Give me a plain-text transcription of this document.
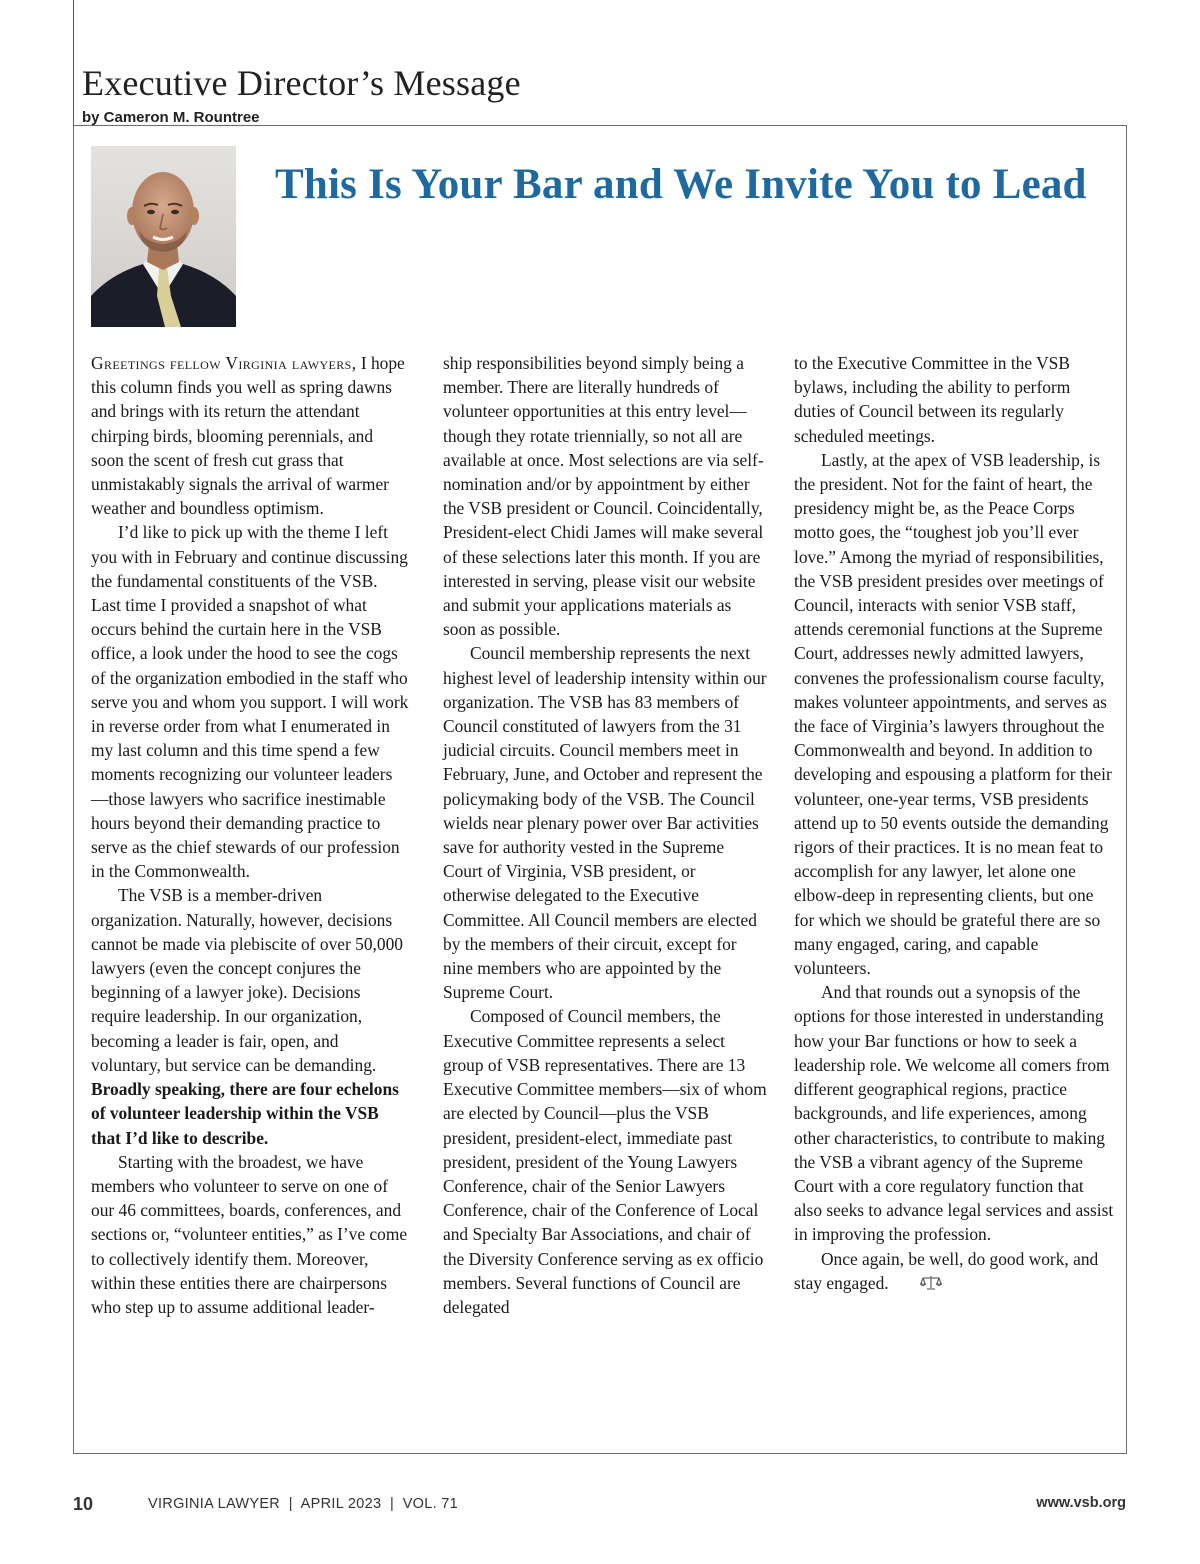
Executive Director’s Message
by Cameron M. Rountree
This Is Your Bar and We Invite You to Lead

Greetings fellow Virginia lawyers, I hope this column finds you well as spring dawns and brings with its return the attendant chirping birds, blooming perennials, and soon the scent of fresh cut grass that unmistakably signals the arrival of warmer weather and boundless optimism.

I’d like to pick up with the theme I left you with in February and continue discussing the fundamental constituents of the VSB. Last time I provided a snapshot of what occurs behind the curtain here in the VSB office, a look under the hood to see the cogs of the organization embodied in the staff who serve you and whom you support. I will work in reverse order from what I enumerated in my last column and this time spend a few moments recognizing our volunteer leaders—those lawyers who sacrifice inestimable hours beyond their demanding practice to serve as the chief stewards of our profession in the Commonwealth.

The VSB is a member-driven organization. Naturally, however, decisions cannot be made via plebiscite of over 50,000 lawyers (even the concept conjures the beginning of a lawyer joke). Decisions require leadership. In our organization, becoming a leader is fair, open, and voluntary, but service can be demanding. Broadly speaking, there are four echelons of volunteer leadership within the VSB that I’d like to describe.

Starting with the broadest, we have members who volunteer to serve on one of our 46 committees, boards, conferences, and sections or, “volunteer entities,” as I’ve come to collectively identify them. Moreover, within these entities there are chairpersons who step up to assume additional leader-

ship responsibilities beyond simply being a member. There are literally hundreds of volunteer opportunities at this entry level—though they rotate triennially, so not all are available at once. Most selections are via self-nomination and/or by appointment by either the VSB president or Council. Coincidentally, President-elect Chidi James will make several of these selections later this month. If you are interested in serving, please visit our website and submit your applications materials as soon as possible.

Council membership represents the next highest level of leadership intensity within our organization. The VSB has 83 members of Council constituted of lawyers from the 31 judicial circuits. Council members meet in February, June, and October and represent the policymaking body of the VSB. The Council wields near plenary power over Bar activities save for authority vested in the Supreme Court of Virginia, VSB president, or otherwise delegated to the Executive Committee. All Council members are elected by the members of their circuit, except for nine members who are appointed by the Supreme Court.

Composed of Council members, the Executive Committee represents a select group of VSB representatives. There are 13 Executive Committee members—six of whom are elected by Council—plus the VSB president, president-elect, immediate past president, president of the Young Lawyers Conference, chair of the Senior Lawyers Conference, chair of the Conference of Local and Specialty Bar Associations, and chair of the Diversity Conference serving as ex officio members. Several functions of Council are delegated

to the Executive Committee in the VSB bylaws, including the ability to perform duties of Council between its regularly scheduled meetings.

Lastly, at the apex of VSB leadership, is the president. Not for the faint of heart, the presidency might be, as the Peace Corps motto goes, the “toughest job you’ll ever love.” Among the myriad of responsibilities, the VSB president presides over meetings of Council, interacts with senior VSB staff, attends ceremonial functions at the Supreme Court, addresses newly admitted lawyers, convenes the professionalism course faculty, makes volunteer appointments, and serves as the face of Virginia’s lawyers throughout the Commonwealth and beyond. In addition to developing and espousing a platform for their volunteer, one-year terms, VSB presidents attend up to 50 events outside the demanding rigors of their practices. It is no mean feat to accomplish for any lawyer, let alone one elbow-deep in representing clients, but one for which we should be grateful there are so many engaged, caring, and capable volunteers.

And that rounds out a synopsis of the options for those interested in understanding how your Bar functions or how to seek a leadership role. We welcome all comers from different geographical regions, practice backgrounds, and life experiences, among other characteristics, to contribute to making the VSB a vibrant agency of the Supreme Court with a core regulatory function that also seeks to advance legal services and assist in improving the profession.

Once again, be well, do good work, and stay engaged.

10	VIRGINIA LAWYER  |  APRIL 2023  |  VOL. 71	www.vsb.org
